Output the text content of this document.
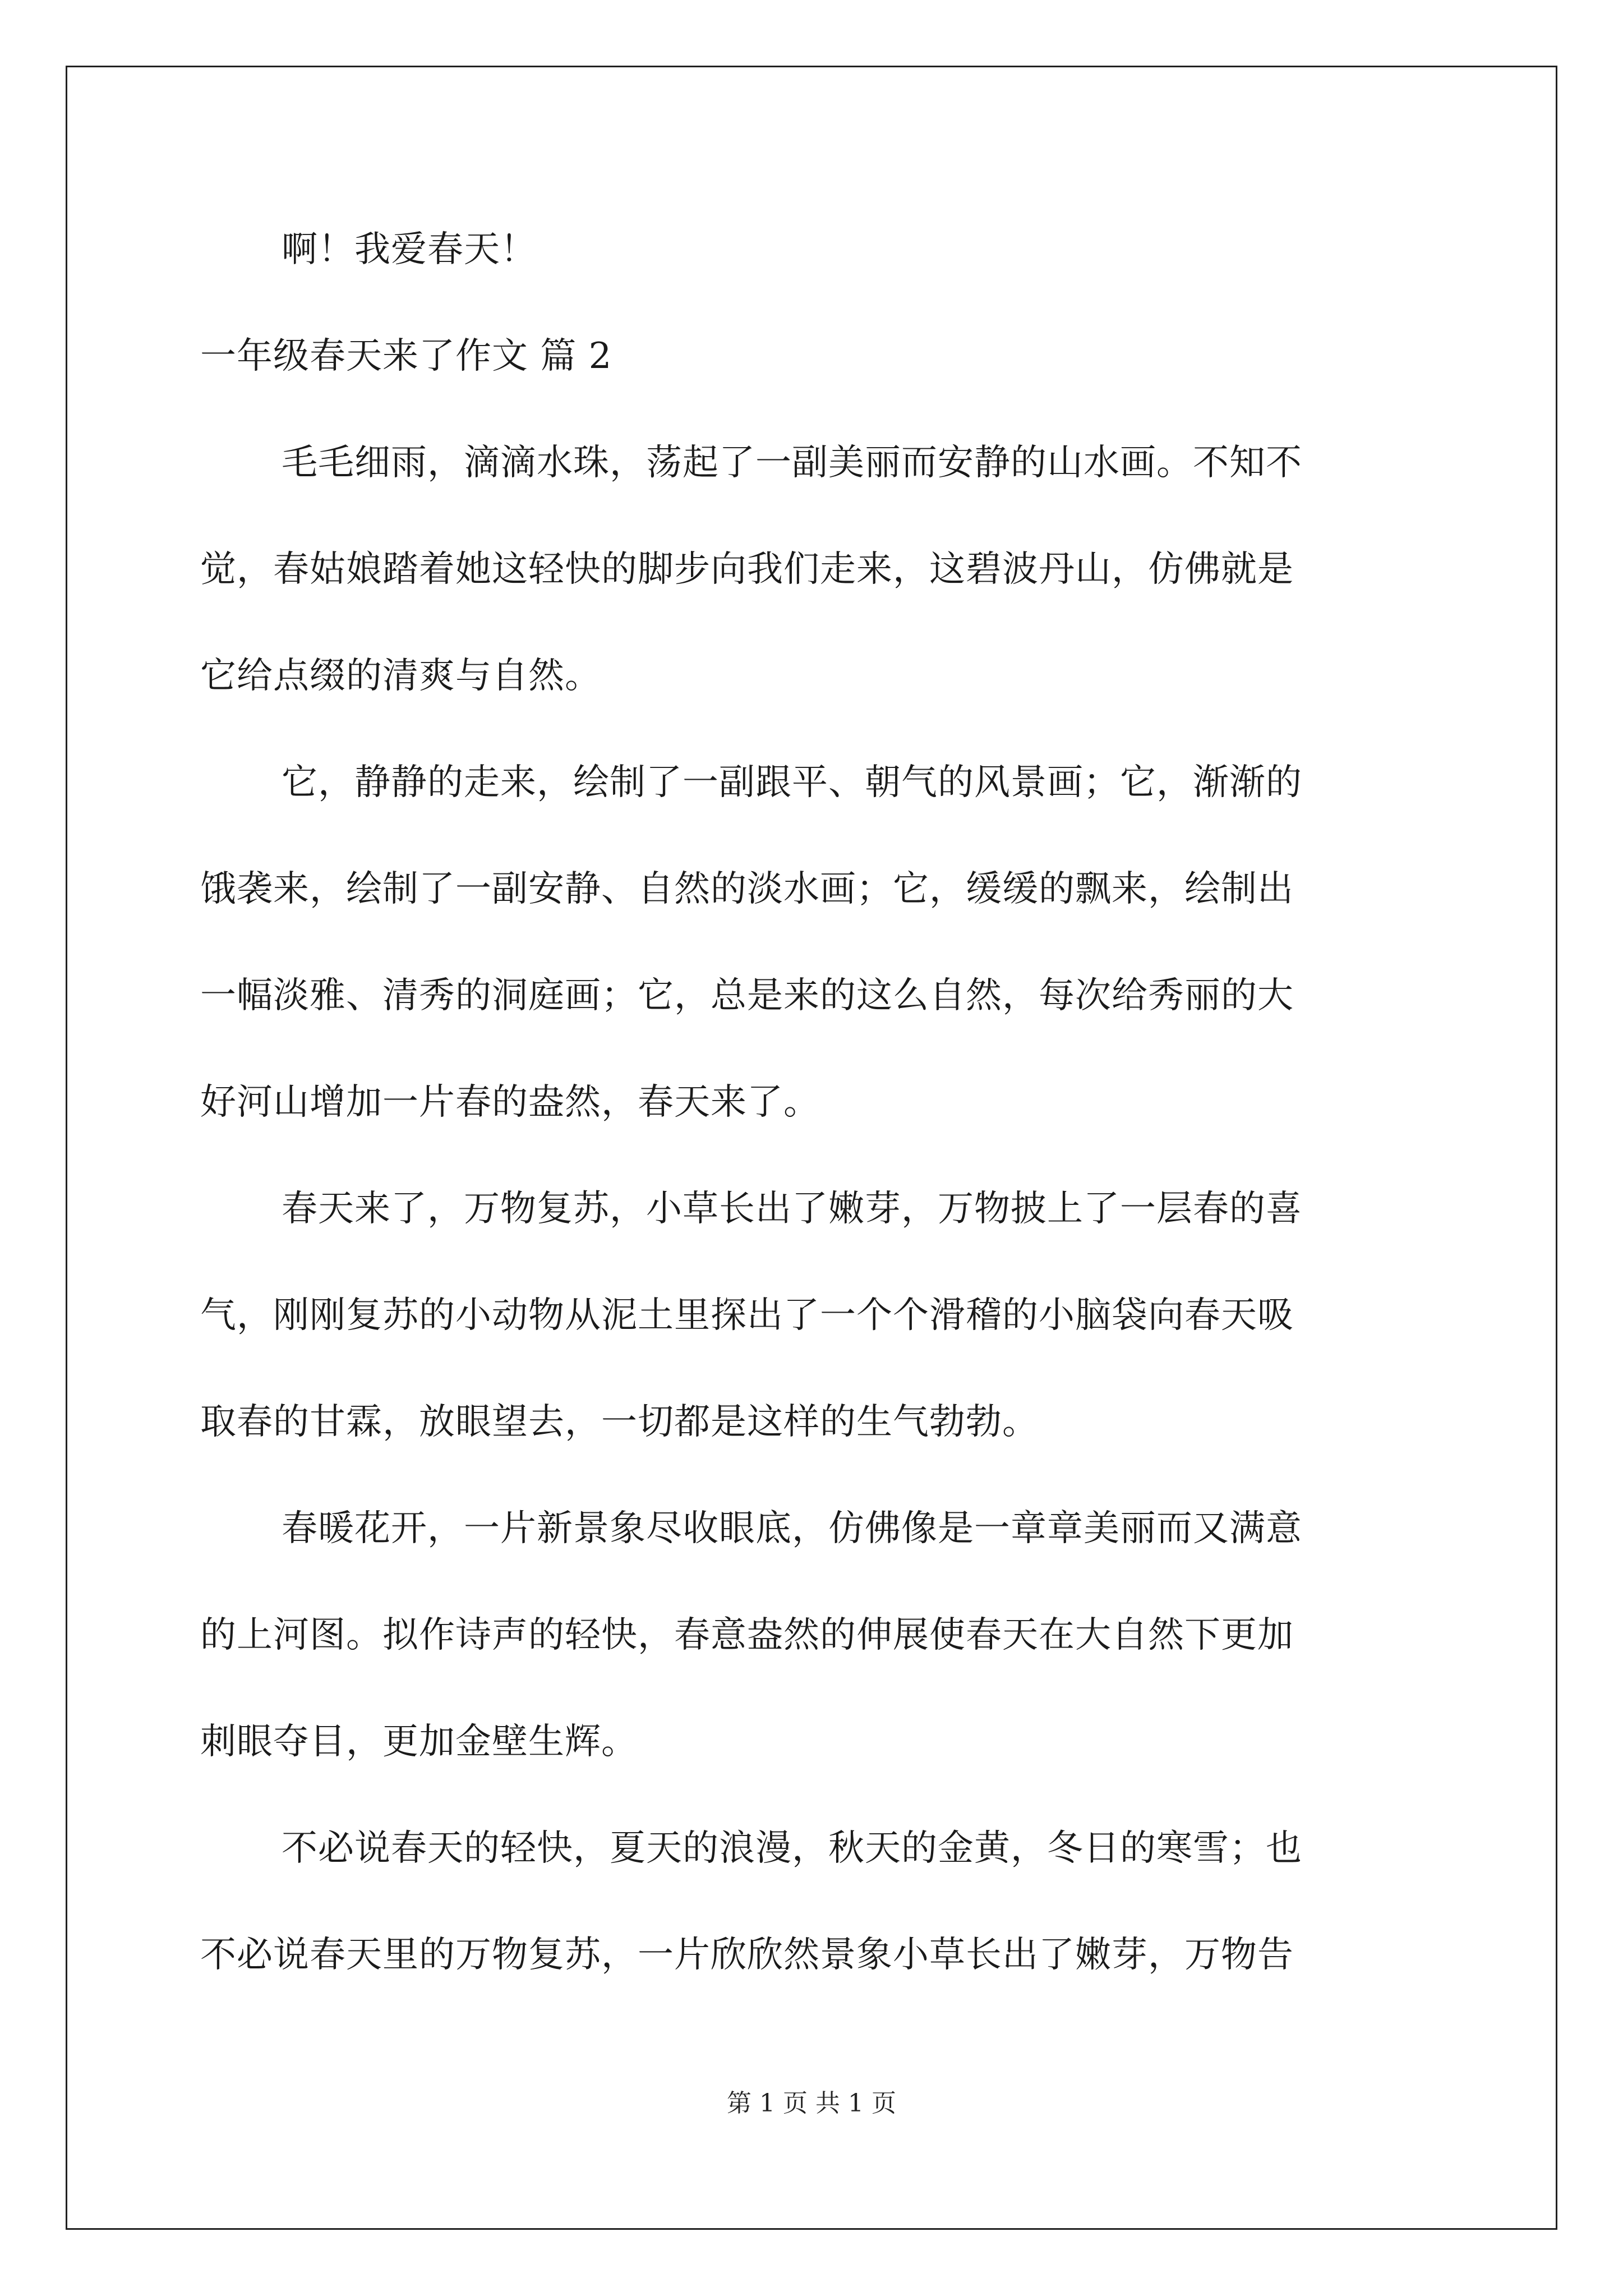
啊！我爱春天！
一年级春天来了作文 篇 2
毛毛细雨，滴滴水珠，荡起了一副美丽而安静的山水画。不知不
觉，春姑娘踏着她这轻快的脚步向我们走来，这碧波丹山，仿佛就是
它给点缀的清爽与自然。
它，静静的走来，绘制了一副跟平、朝气的风景画；它，渐渐的
饿袭来，绘制了一副安静、自然的淡水画；它，缓缓的飘来，绘制出
一幅淡雅、清秀的洞庭画；它，总是来的这么自然，每次给秀丽的大
好河山增加一片春的盎然，春天来了。
春天来了，万物复苏，小草长出了嫩芽，万物披上了一层春的喜
气，刚刚复苏的小动物从泥土里探出了一个个滑稽的小脑袋向春天吸
取春的甘霖，放眼望去，一切都是这样的生气勃勃。
春暖花开，一片新景象尽收眼底，仿佛像是一章章美丽而又满意
的上河图。拟作诗声的轻快，春意盎然的伸展使春天在大自然下更加
刺眼夺目，更加金壁生辉。
不必说春天的轻快，夏天的浪漫，秋天的金黄，冬日的寒雪；也
不必说春天里的万物复苏，一片欣欣然景象小草长出了嫩芽，万物告
第 1 页 共 1 页
